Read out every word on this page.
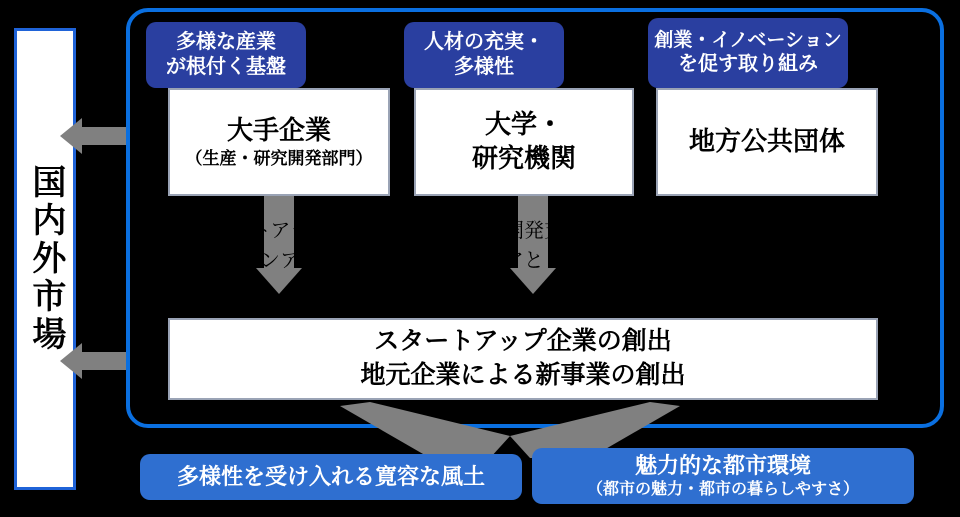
国内外市場
多様な産業
が根付く基盤
人材の充実・
多様性
創業・イノベーション
を促す取り組み
大手企業
（生産・研究開発部門）
大学・
研究機関
地方公共団体
スタートアップ創業
スピンアウト
受託開発支援
エンジニアとして就職
創業支援
ビジネスマッチング
スタートアップ企業の創出
地元企業による新事業の創出
多様性を受け入れる寛容な風土	魅力的な都市環境
（都市の魅力・都市の暮らしやすさ）
